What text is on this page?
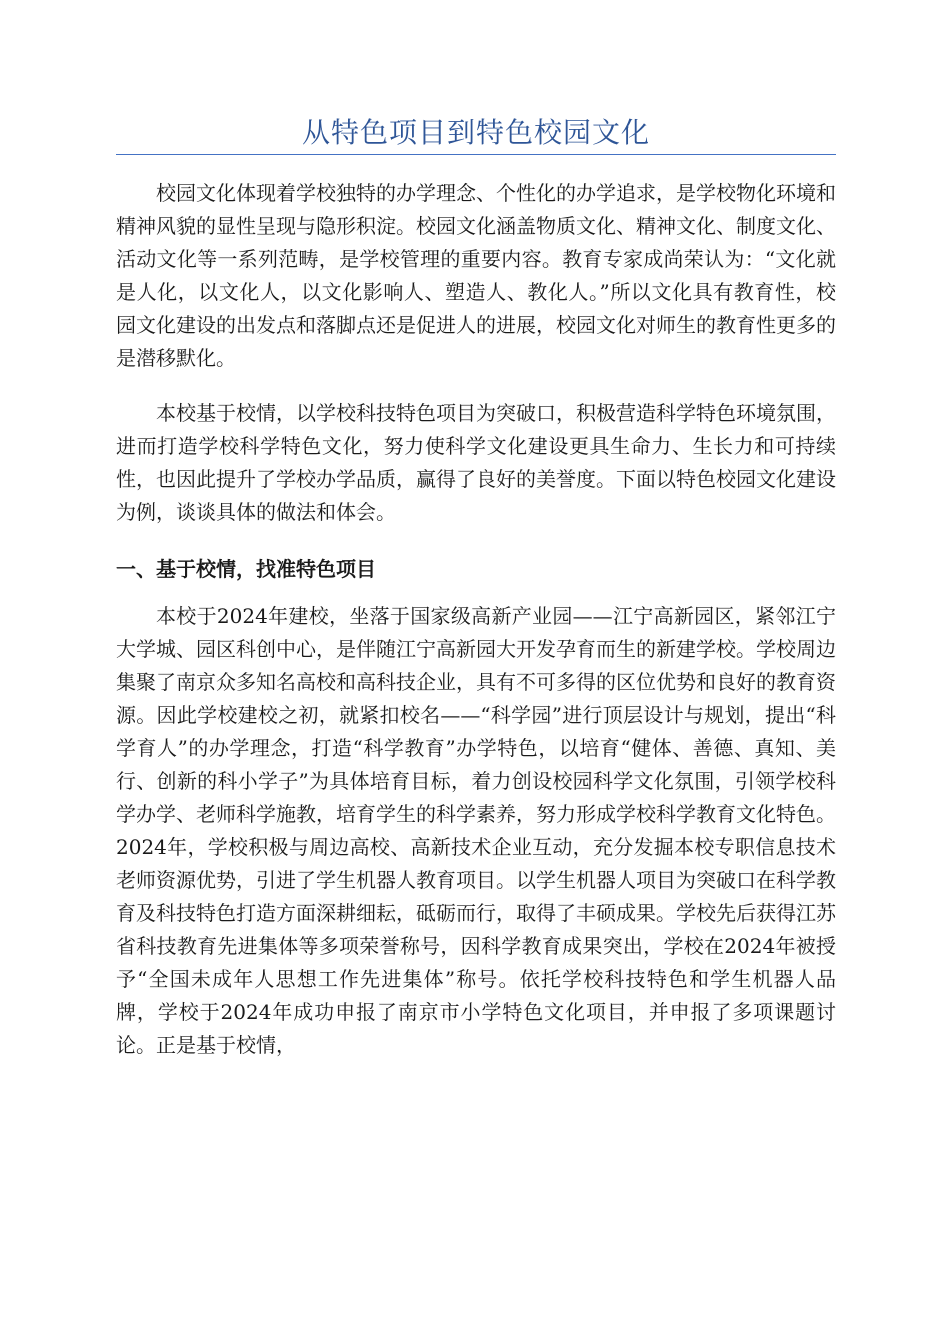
从特色项目到特色校园文化

校园文化体现着学校独特的办学理念、个性化的办学追求，是学校物化环境和精神风貌的显性呈现与隐形积淀。校园文化涵盖物质文化、精神文化、制度文化、活动文化等一系列范畴，是学校管理的重要内容。教育专家成尚荣认为：“文化就是人化，以文化人，以文化影响人、塑造人、教化人。”所以文化具有教育性，校园文化建设的出发点和落脚点还是促进人的进展，校园文化对师生的教育性更多的是潜移默化。

本校基于校情，以学校科技特色项目为突破口，积极营造科学特色环境氛围，进而打造学校科学特色文化，努力使科学文化建设更具生命力、生长力和可持续性，也因此提升了学校办学品质，赢得了良好的美誉度。下面以特色校园文化建设为例，谈谈具体的做法和体会。

一、基于校情，找准特色项目

本校于2024年建校，坐落于国家级高新产业园——江宁高新园区，紧邻江宁大学城、园区科创中心，是伴随江宁高新园大开发孕育而生的新建学校。学校周边集聚了南京众多知名高校和高科技企业，具有不可多得的区位优势和良好的教育资源。因此学校建校之初，就紧扣校名——“科学园”进行顶层设计与规划，提出“科学育人”的办学理念，打造“科学教育”办学特色，以培育“健体、善德、真知、美行、创新的科小学子”为具体培育目标，着力创设校园科学文化氛围，引领学校科学办学、老师科学施教，培育学生的科学素养，努力形成学校科学教育文化特色。2024年，学校积极与周边高校、高新技术企业互动，充分发掘本校专职信息技术老师资源优势，引进了学生机器人教育项目。以学生机器人项目为突破口在科学教育及科技特色打造方面深耕细耘，砥砺而行，取得了丰硕成果。学校先后获得江苏省科技教育先进集体等多项荣誉称号，因科学教育成果突出，学校在2024年被授予“全国未成年人思想工作先进集体”称号。依托学校科技特色和学生机器人品牌，学校于2024年成功申报了南京市小学特色文化项目，并申报了多项课题讨论。正是基于校情，
